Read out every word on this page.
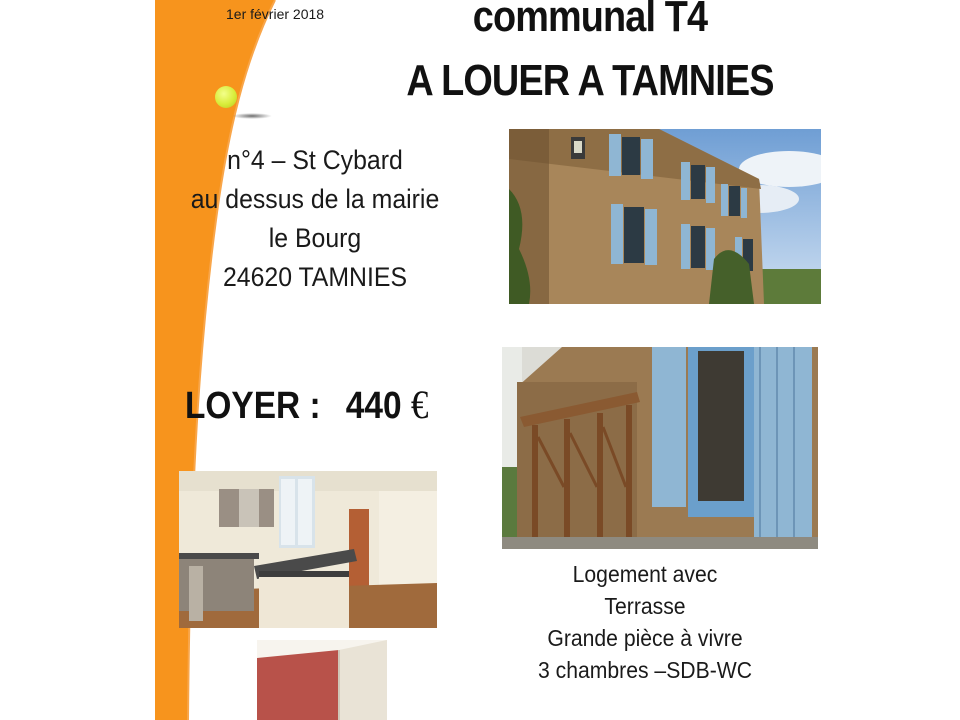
1er février 2018	communal T4
A LOUER A TAMNIES
n°4 – St Cybard
au dessus de la mairie
le Bourg
24620 TAMNIES
LOYER : 440 €
Logement avec
Terrasse
Grande pièce à vivre
3 chambres –SDB-WC
